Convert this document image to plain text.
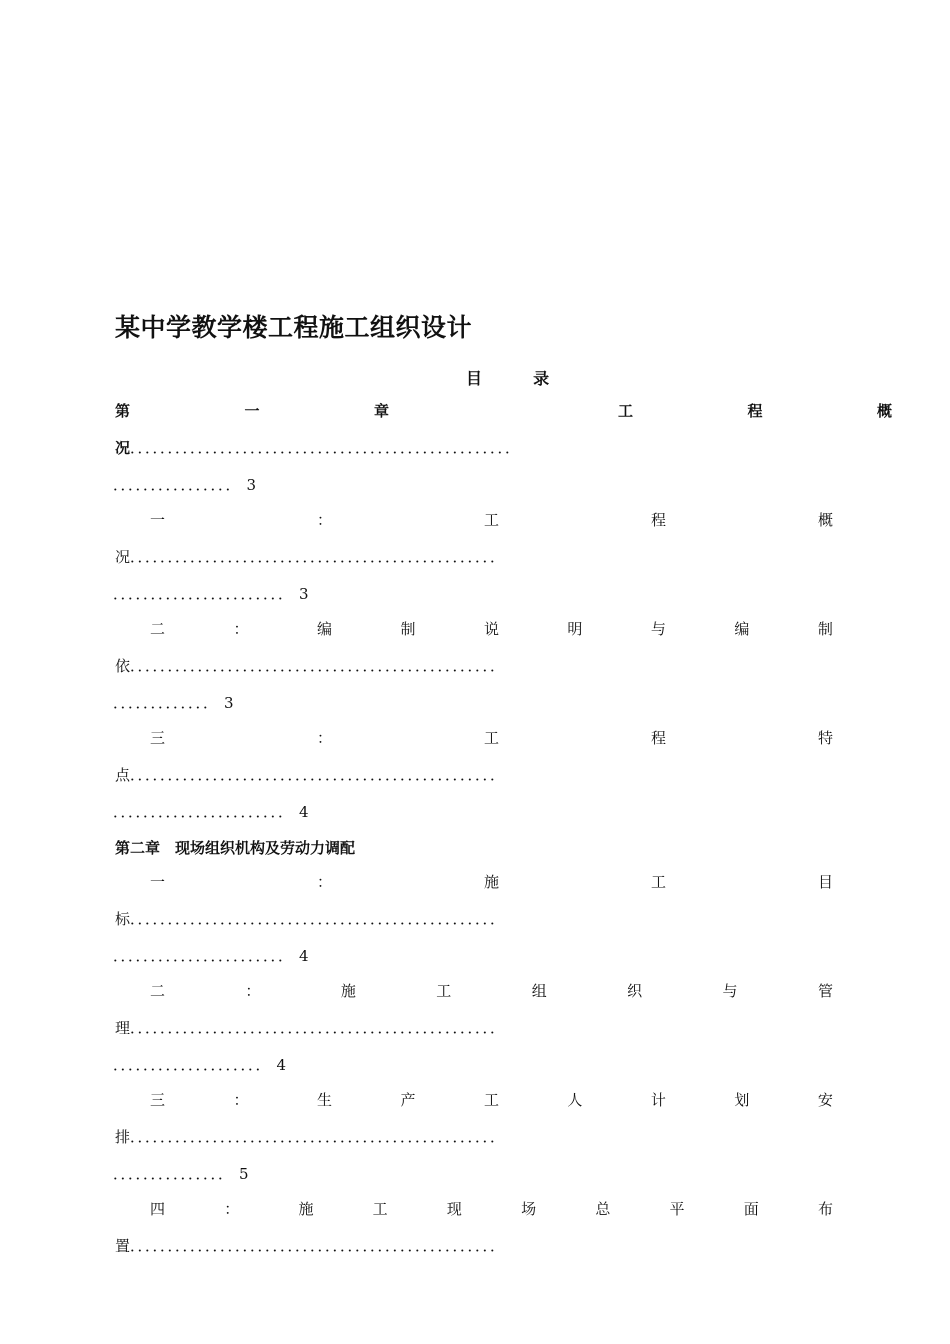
某中学教学楼工程施工组织设计
目	录
第	一	章	工	程	概
况．．．．．．．．．．．．．．．．．．．．．．．．．．．．．．．．．．．．．．．．．．．．．．．．．．．
．．．．．．．．．．．．．．．． 3
一	：	工	程	概
况．．．．．．．．．．．．．．．．．．．．．．．．．．．．．．．．．．．．．．．．．．．．．．．．．
．．．．．．．．．．．．．．．．．．．．．．． 3
二	：	编	制	说	明	与	编	制
依．．．．．．．．．．．．．．．．．．．．．．．．．．．．．．．．．．．．．．．．．．．．．．．．．
．．．．．．．．．．．．． 3
三	：	工	程	特
点．．．．．．．．．．．．．．．．．．．．．．．．．．．．．．．．．．．．．．．．．．．．．．．．．
．．．．．．．．．．．．．．．．．．．．．．． 4
第二章　现场组织机构及劳动力调配
一	：	施	工	目
标．．．．．．．．．．．．．．．．．．．．．．．．．．．．．．．．．．．．．．．．．．．．．．．．．
．．．．．．．．．．．．．．．．．．．．．．． 4
二	：	施	工	组	织	与	管
理．．．．．．．．．．．．．．．．．．．．．．．．．．．．．．．．．．．．．．．．．．．．．．．．．
．．．．．．．．．．．．．．．．．．．． 4
三	：	生	产	工	人	计	划	安
排．．．．．．．．．．．．．．．．．．．．．．．．．．．．．．．．．．．．．．．．．．．．．．．．．
．．．．．．．．．．．．．．． 5
四	：	施	工	现	场	总	平	面	布
置．．．．．．．．．．．．．．．．．．．．．．．．．．．．．．．．．．．．．．．．．．．．．．．．．
